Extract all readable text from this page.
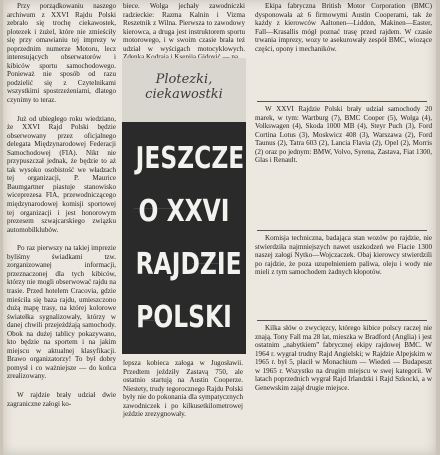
Przy porządkowaniu naszego archiwum z XXVI Rajdu Polski zebrało się trochę ciekawostek, plotezek i żużel, które nie zmieściły się przy omawianiu tej imprezy w poprzednim numerze Motoru, lecz interesujących obserwatorów i kibiców sportu samochodowego. Ponieważ nie sposób od razu podzielić się z Czytelnikami wszystkimi spostrzeżeniami, dlatego czynimy to teraz.

Już od ubiegłego roku wiedziano, że XXVI Rajd Polski będzie obserwowany przez oficjalnego delegata Międzynarodowej Federacji Samochodowej (FIA). Nikt nie przypuszczał jednak, że będzie to aż tak wysoko osobistość we władzach tej organizacji, P. Maurice Baumgartner piastuje stanowisko wiceprezesa FIA, przewodniczącego międzynarodowej komisji sportowej tej organizacji i jest honorowym prezesem szwajcarskiego związku automobilklubów.

Po raz pierwszy na takiej imprezie byliśmy świadkami tzw. zorganizowanej informacji, przeznaczonej dla tych kibiców, którzy nie mogli obserwować rajdu na trasie. Przed hotelem Cracovia, gdzie mieściła się baza rajdu, umieszczono dużą mapę trasy, na której kolorowe światełka sygnalizowały, którzy w danej chwili przejeżdżają samochody. Obok na dużej tablicy pokazywano, kto będzie na sportem i na jakim miejscu w aktualnej klasyfikacji. Brawo organizatorzy! To był dobry pomysł i co ważniejsze — do końca zrealizowany.

W rajdzie brały udział dwie zagraniczne załogi ko-

biece. Wolga jechały zawodniczki radzieckie: Razma Kalnin i Vizma Reszetnik z Wilna. Pierwsza to zawodowy kierowca, a druga jest instruktorem sportu motorowego, i w swoim czasie brała też udział w wyścigach motocyklowych.

Plotezki,
ciekawostki
JESZCZE
O XXVI
RAJDZIE
POLSKI

lepsza kobieca załoga w Jugosławii. Przedtem jeździły Zastavą 750, ale ostatnio startują na Austin Cooperze. Niestety, trudy tegorocznego Rajdu Polski były nie do pokonania dla sympatycznych zawodniczek i po kilkusetkilometrowej jeździe zrezygnowały.

Ekipa fabryczna British Motor Corporation (BMC) dysponowała aż 6 firmowymi Austin Cooperami, tak że każdy z kierowców Aaltonen—Liddon, Makinen—Easter, Fall—Krasallis mógł poznać trasę przed rajdem. W czasie trwania imprezy, wozy te asekurowały zespół BMC, wiozące części, opony i mechaników.

W XXVI Rajdzie Polski brały udział samochody 20 marek, w tym: Wartburg (7), BMC Cooper (5), Wolga (4), Volkswagen (4), Skoda 1000 MB (4), Steyr Puch (3), Ford Cortina Lotus (3), Moskwicz 408 (3), Warszawa (2), Ford Taunus (2), Tatra 603 (2), Lancia Flavia (2), Opel (2), Morris (2) oraz po jednym: BMW, Volvo, Syrena, Zastava, Fiat 1300, Glas i Renault.

Komisja techniczna, badająca stan wozów po rajdzie, nie stwierdziła najmniejszych nawet uszkodzeń we Fiacie 1300 naszej załogi Nytko—Wojczaczek. Obaj kierowcy stwierdzili po rajdzie, że poza uzupełnieniem paliwa, oleju i wody nie mieli z tym samochodem żadnych kłopotów.

Kilka słów o zwycięzcy, którego kibice polscy raczej nie znają. Tony Fall ma 28 lat, mieszka w Bradford (Anglia) i jest ostatnim „nabytkiem” fabrycznej ekipy rajdowej BMC. W 1964 r. wygrał trudny Rajd Angielski; w Rajdzie Alpejskim w 1965 r. był 5, płacił w Monachium — Wiedeń — Budapeszt w 1965 r. Wszystko na drugim miejscu w swej kategorii. W latach poprzednich wygrał Rajd Irlandzki i Rajd Szkocki, a w Genewskim zajął drugie miejsce.
